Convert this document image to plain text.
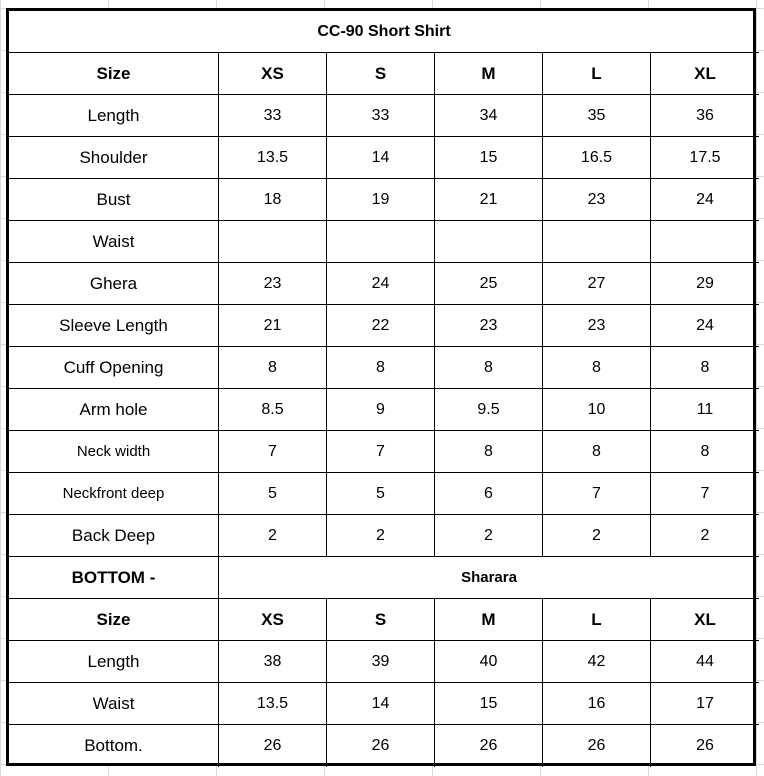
CC-90 Short Shirt
Size	XS	S	M	L	XL
Length	33	33	34	35	36
Shoulder	13.5	14	15	16.5	17.5
Bust	18	19	21	23	24
Waist
Ghera	23	24	25	27	29
Sleeve Length	21	22	23	23	24
Cuff Opening	8	8	8	8	8
Arm hole	8.5	9	9.5	10	11
Neck width	7	7	8	8	8
Neckfront deep	5	5	6	7	7
Back Deep	2	2	2	2	2
BOTTOM -	Sharara
Size	XS	S	M	L	XL
Length	38	39	40	42	44
Waist	13.5	14	15	16	17
Bottom.	26	26	26	26	26
